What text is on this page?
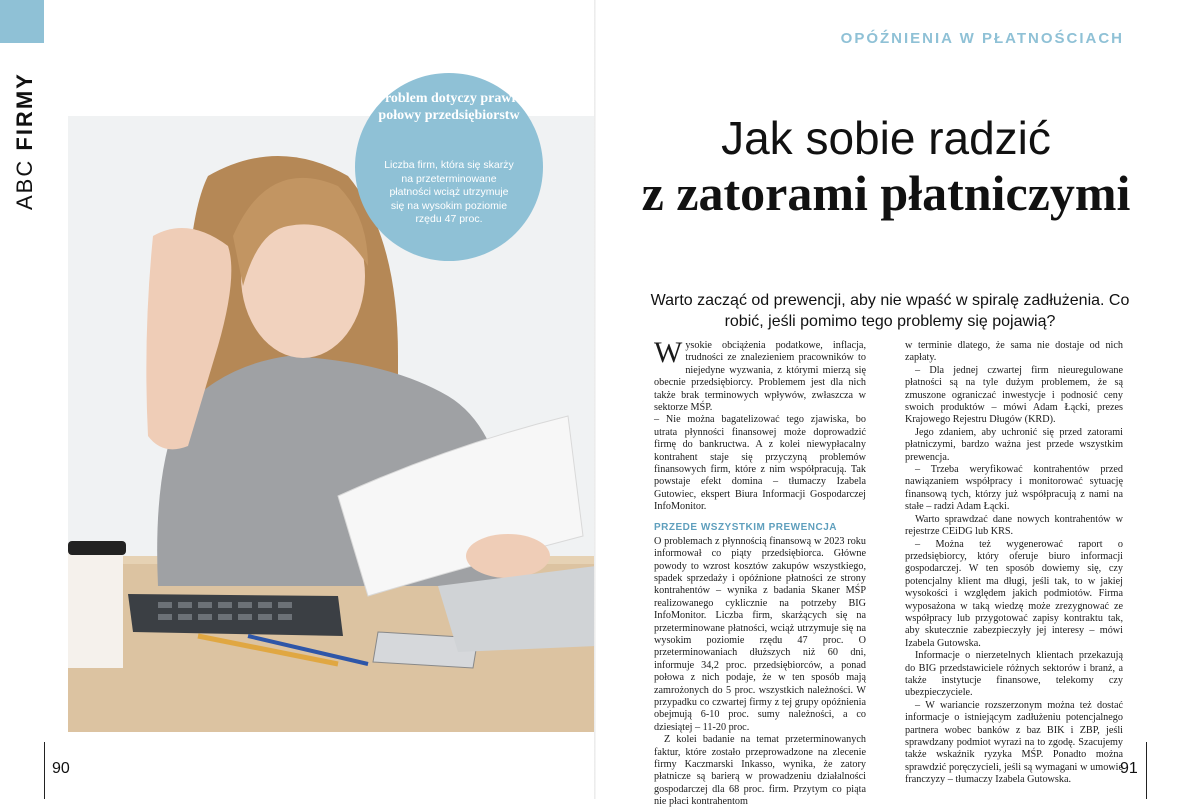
ABC FIRMY	Problem dotyczy prawie połowy przedsiębiorstw
Liczba firm, która się skarży na przeterminowane płatności wciąż utrzymuje się na wysokim poziomie rzędu 47 proc.
90
OPÓŹNIENIA W PŁATNOŚCIACH
Jak sobie radzić
z zatorami płatniczymi
Warto zacząć od prewencji, aby nie wpaść w spiralę zadłużenia. Co robić, jeśli pomimo tego problemy się pojawią?

Wysokie obciążenia podatkowe, inflacja, trudności ze znalezieniem pracowników to niejedyne wyzwania, z którymi mierzą się obecnie przedsiębiorcy. Problemem jest dla nich także brak terminowych wpływów, zwłaszcza w sektorze MŚP.

– Nie można bagatelizować tego zjawiska, bo utrata płynności finansowej może doprowadzić firmę do bankructwa. A z kolei niewypłacalny kontrahent staje się przyczyną problemów finansowych firm, które z nim współpracują. Tak powstaje efekt domina – tłumaczy Izabela Gutowiec, ekspert Biura Informacji Gospodarczej InfoMonitor.

PRZEDE WSZYSTKIM PREWENCJA

O problemach z płynnością finansową w 2023 roku informował co piąty przedsiębiorca. Główne powody to wzrost kosztów zakupów wszystkiego, spadek sprzedaży i opóźnione płatności ze strony kontrahentów – wynika z badania Skaner MŚP realizowanego cyklicznie na potrzeby BIG InfoMonitor. Liczba firm, skarżących się na przeterminowane płatności, wciąż utrzymuje się na wysokim poziomie rzędu 47 proc. O przeterminowaniach dłuższych niż 60 dni, informuje 34,2 proc. przedsiębiorców, a ponad połowa z nich podaje, że w ten sposób mają zamrożonych do 5 proc. wszystkich należności. W przypadku co czwartej firmy z tej grupy opóźnienia obejmują 6-10 proc. sumy należności, a co dziesiątej – 11-20 proc.

Z kolei badanie na temat przeterminowanych faktur, które zostało przeprowadzone na zlecenie firmy Kaczmarski Inkasso, wynika, że zatory płatnicze są barierą w prowadzeniu działalności gospodarczej dla 68 proc. firm. Przytym co piąta nie płaci kontrahentom

w terminie dlatego, że sama nie dostaje od nich zapłaty.

– Dla jednej czwartej firm nieuregulowane płatności są na tyle dużym problemem, że są zmuszone ograniczać inwestycje i podnosić ceny swoich produktów – mówi Adam Łącki, prezes Krajowego Rejestru Długów (KRD).

Jego zdaniem, aby uchronić się przed zatorami płatniczymi, bardzo ważna jest przede wszystkim prewencja.

– Trzeba weryfikować kontrahentów przed nawiązaniem współpracy i monitorować sytuację finansową tych, którzy już współpracują z nami na stałe – radzi Adam Łącki.

Warto sprawdzać dane nowych kontrahentów w rejestrze CEiDG lub KRS.

– Można też wygenerować raport o przedsiębiorcy, który oferuje biuro informacji gospodarczej. W ten sposób dowiemy się, czy potencjalny klient ma długi, jeśli tak, to w jakiej wysokości i względem jakich podmiotów. Firma wyposażona w taką wiedzę może zrezygnować ze współpracy lub przygotować zapisy kontraktu tak, aby skutecznie zabezpieczyły jej interesy – mówi Izabela Gutowska.

Informacje o nierzetelnych klientach przekazują do BIG przedstawiciele różnych sektorów i branż, a także instytucje finansowe, telekomy czy ubezpieczyciele.

– W wariancie rozszerzonym można też dostać informacje o istniejącym zadłużeniu potencjalnego partnera wobec banków z baz BIK i ZBP, jeśli sprawdzany podmiot wyrazi na to zgodę. Szacujemy także wskaźnik ryzyka MŚP. Ponadto można sprawdzić poręczycieli, jeśli są wymagani w umowie franczyzy – tłumaczy Izabela Gutowska.

91
